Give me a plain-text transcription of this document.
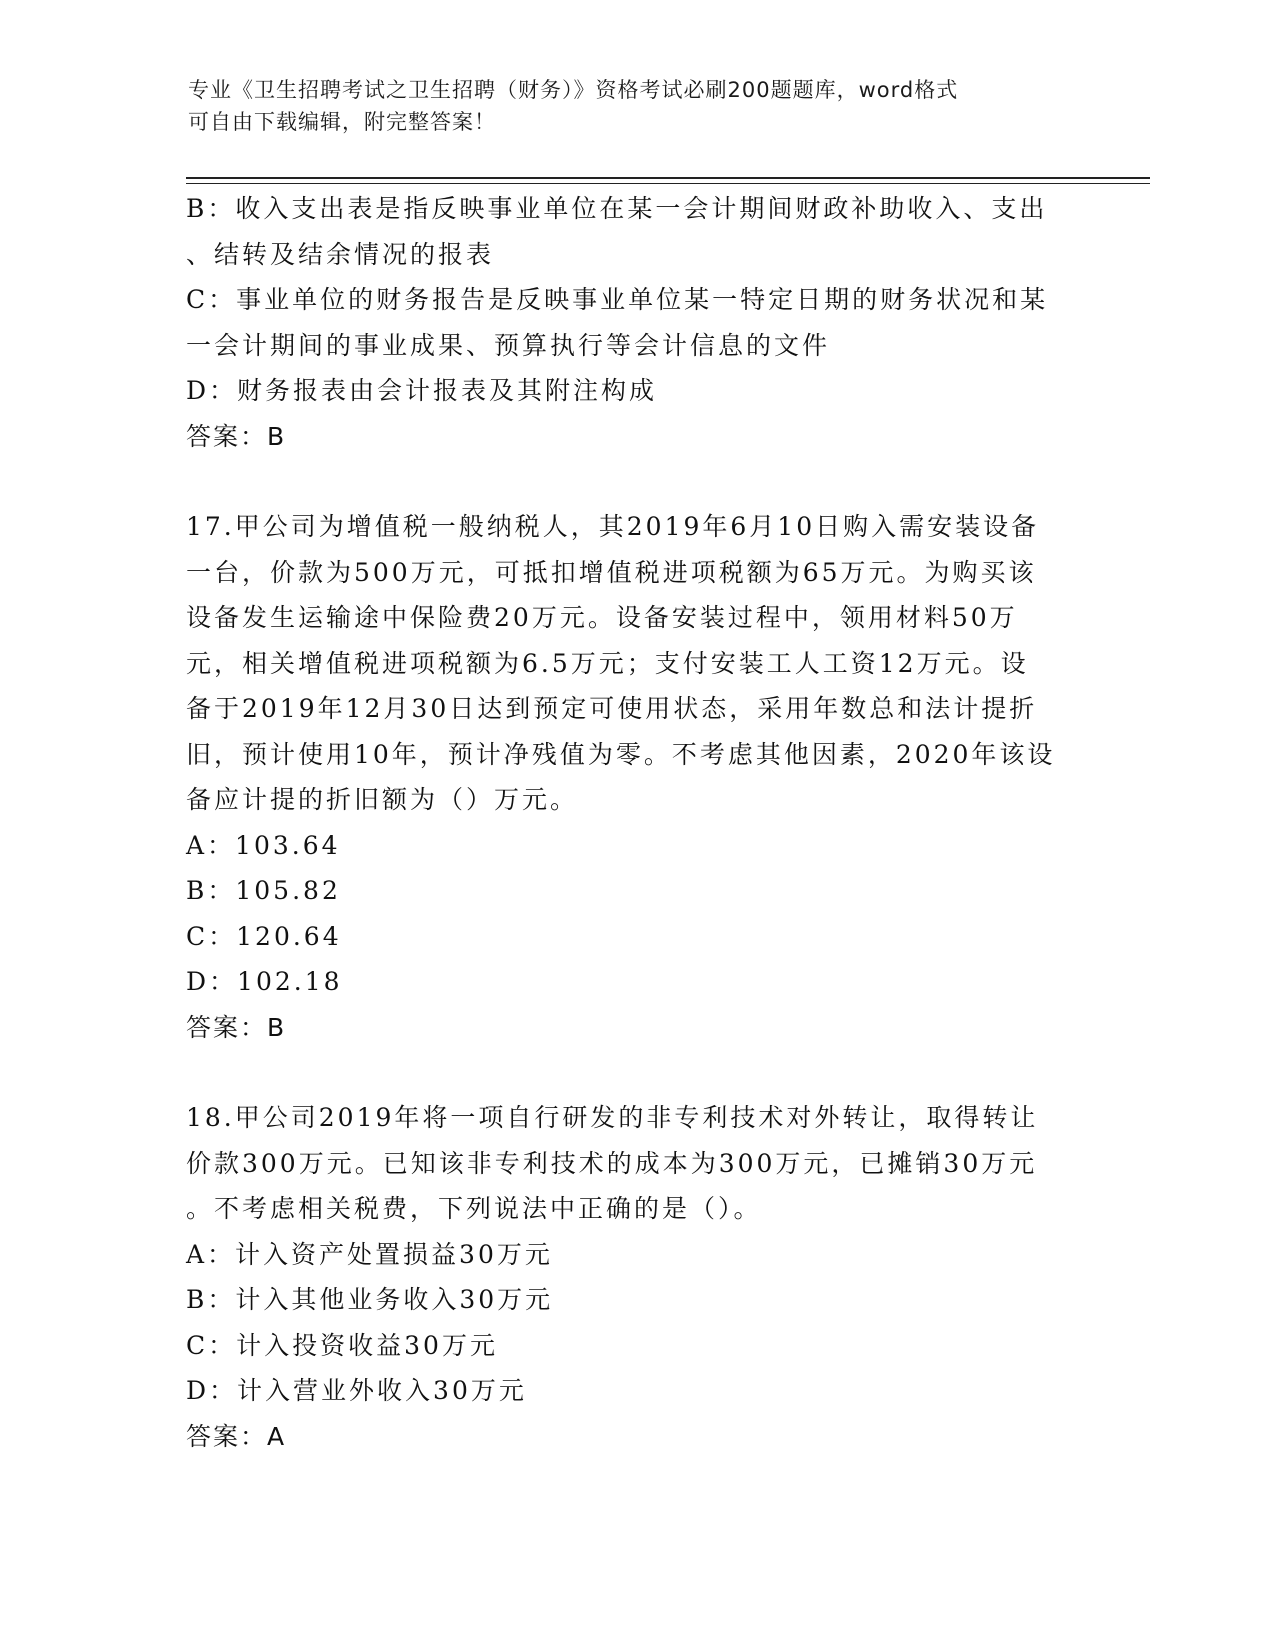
专业《卫生招聘考试之卫生招聘（财务）》资格考试必刷200题题库，word格式
可自由下载编辑，附完整答案！

B：收入支出表是指反映事业单位在某一会计期间财政补助收入、支出

、结转及结余情况的报表

C：事业单位的财务报告是反映事业单位某一特定日期的财务状况和某

一会计期间的事业成果、预算执行等会计信息的文件

D：财务报表由会计报表及其附注构成

答案：B

17.甲公司为增值税一般纳税人，其2019年6月10日购入需安装设备

一台，价款为500万元，可抵扣增值税进项税额为65万元。为购买该

设备发生运输途中保险费20万元。设备安装过程中，领用材料50万

元，相关增值税进项税额为6.5万元；支付安装工人工资12万元。设

备于2019年12月30日达到预定可使用状态，采用年数总和法计提折

旧，预计使用10年，预计净残值为零。不考虑其他因素，2020年该设

备应计提的折旧额为（）万元。

A：103.64

B：105.82

C：120.64

D：102.18

答案：B

18.甲公司2019年将一项自行研发的非专利技术对外转让，取得转让

价款300万元。已知该非专利技术的成本为300万元，已摊销30万元

。不考虑相关税费，下列说法中正确的是（）。

A：计入资产处置损益30万元

B：计入其他业务收入30万元

C：计入投资收益30万元

D：计入营业外收入30万元

答案：A
